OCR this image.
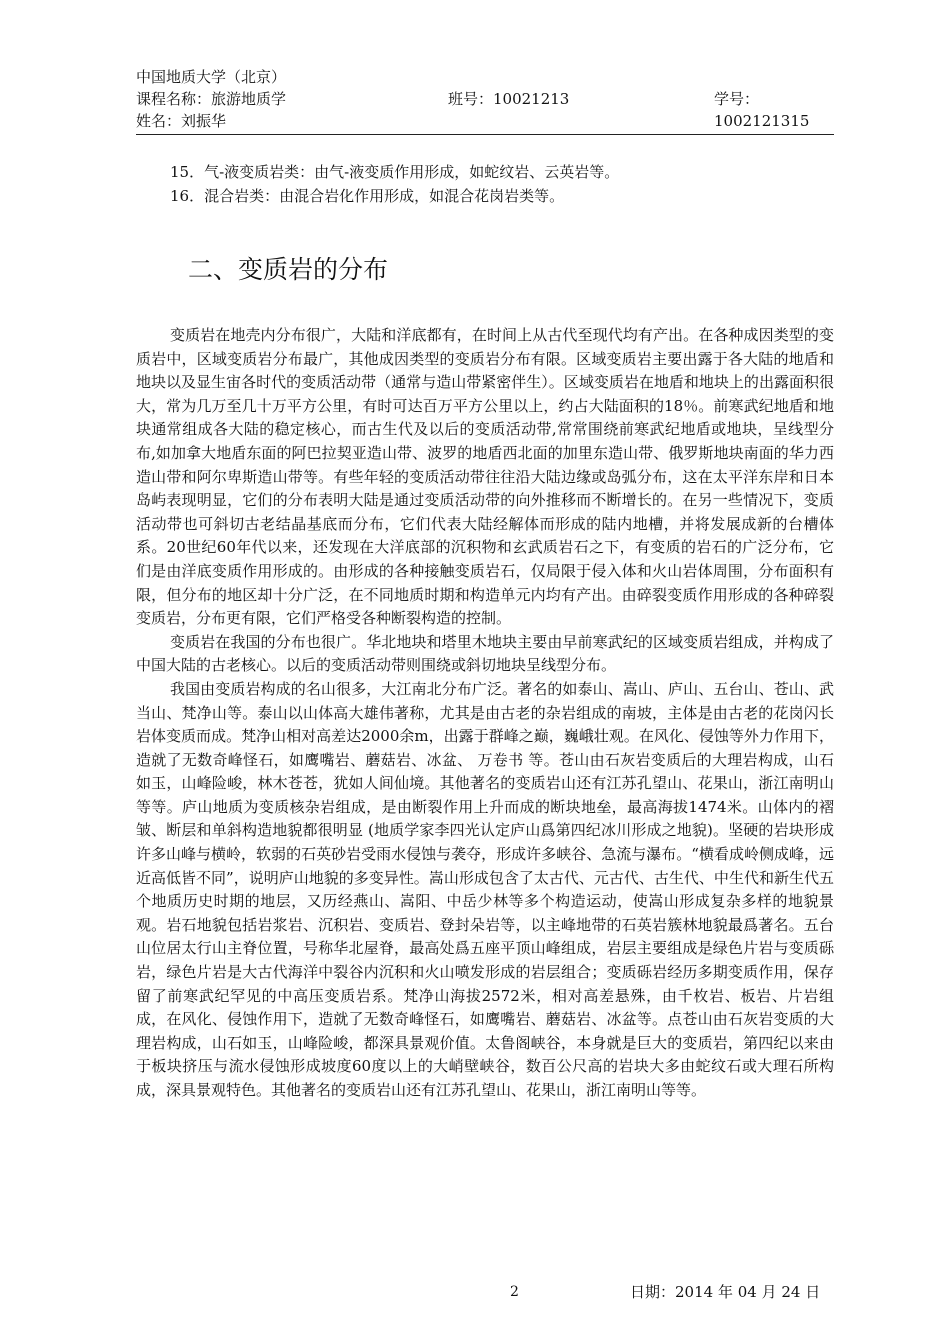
中国地质大学（北京）
课程名称：旅游地质学	班号：10021213	学号：1002121315
姓名：刘振华

15．气-液变质岩类：由气-液变质作用形成，如蛇纹岩、云英岩等。

16．混合岩类：由混合岩化作用形成，如混合花岗岩类等。

二、变质岩的分布

变质岩在地壳内分布很广，大陆和洋底都有，在时间上从古代至现代均有产出。在各种成因类型的变质岩中，区域变质岩分布最广，其他成因类型的变质岩分布有限。区域变质岩主要出露于各大陆的地盾和地块以及显生宙各时代的变质活动带（通常与造山带紧密伴生）。区域变质岩在地盾和地块上的出露面积很大，常为几万至几十万平方公里，有时可达百万平方公里以上，约占大陆面积的18％。前寒武纪地盾和地块通常组成各大陆的稳定核心，而古生代及以后的变质活动带,常常围绕前寒武纪地盾或地块，呈线型分布,如加拿大地盾东面的阿巴拉契亚造山带、波罗的地盾西北面的加里东造山带、俄罗斯地块南面的华力西造山带和阿尔卑斯造山带等。有些年轻的变质活动带往往沿大陆边缘或岛弧分布，这在太平洋东岸和日本岛屿表现明显，它们的分布表明大陆是通过变质活动带的向外推移而不断增长的。在另一些情况下，变质活动带也可斜切古老结晶基底而分布，它们代表大陆经解体而形成的陆内地槽，并将发展成新的台槽体系。20世纪60年代以来，还发现在大洋底部的沉积物和玄武质岩石之下，有变质的岩石的广泛分布，它们是由洋底变质作用形成的。由形成的各种接触变质岩石，仅局限于侵入体和火山岩体周围，分布面积有限，但分布的地区却十分广泛，在不同地质时期和构造单元内均有产出。由碎裂变质作用形成的各种碎裂变质岩，分布更有限，它们严格受各种断裂构造的控制。

变质岩在我国的分布也很广。华北地块和塔里木地块主要由早前寒武纪的区域变质岩组成，并构成了中国大陆的古老核心。以后的变质活动带则围绕或斜切地块呈线型分布。

我国由变质岩构成的名山很多，大江南北分布广泛。著名的如泰山、嵩山、庐山、五台山、苍山、武当山、梵净山等。泰山以山体高大雄伟著称，尤其是由古老的杂岩组成的南坡，主体是由古老的花岗闪长岩体变质而成。梵净山相对高差达2000余m，出露于群峰之巅，巍峨壮观。在风化、侵蚀等外力作用下，造就了无数奇峰怪石，如鹰嘴岩、蘑菇岩、冰盆、 万卷书 等。苍山由石灰岩变质后的大理岩构成，山石如玉，山峰险峻，林木苍苍，犹如人间仙境。其他著名的变质岩山还有江苏孔望山、花果山，浙江南明山等等。庐山地质为变质核杂岩组成，是由断裂作用上升而成的断块地垒，最高海拔1474米。山体内的褶皱、断层和单斜构造地貌都很明显 (地质学家李四光认定庐山爲第四纪冰川形成之地貌)。坚硬的岩块形成许多山峰与横岭，软弱的石英砂岩受雨水侵蚀与袭夺，形成许多峡谷、急流与瀑布。“横看成岭侧成峰，远近高低皆不同”，说明庐山地貌的多变异性。嵩山形成包含了太古代、元古代、古生代、中生代和新生代五个地质历史时期的地层，又历经燕山、嵩阳、中岳少林等多个构造运动，使嵩山形成复杂多样的地貌景观。岩石地貌包括岩浆岩、沉积岩、变质岩、登封朵岩等，以主峰地带的石英岩簇林地貌最爲著名。五台山位居太行山主脊位置，号称华北屋脊，最高处爲五座平顶山峰组成，岩层主要组成是绿色片岩与变质砾岩，绿色片岩是大古代海洋中裂谷内沉积和火山喷发形成的岩层组合；变质砾岩经历多期变质作用，保存留了前寒武纪罕见的中高压变质岩系。梵净山海拔2572米，相对高差悬殊，由千枚岩、板岩、片岩组成，在风化、侵蚀作用下，造就了无数奇峰怪石，如鹰嘴岩、蘑菇岩、冰盆等。点苍山由石灰岩变质的大理岩构成，山石如玉，山峰险峻，都深具景观价值。太鲁阁峡谷，本身就是巨大的变质岩，第四纪以来由于板块挤压与流水侵蚀形成坡度60度以上的大峭壁峡谷，数百公尺高的岩块大多由蛇纹石或大理石所构成，深具景观特色。其他著名的变质岩山还有江苏孔望山、花果山，浙江南明山等等。

2	日期：2014 年 04 月 24 日
